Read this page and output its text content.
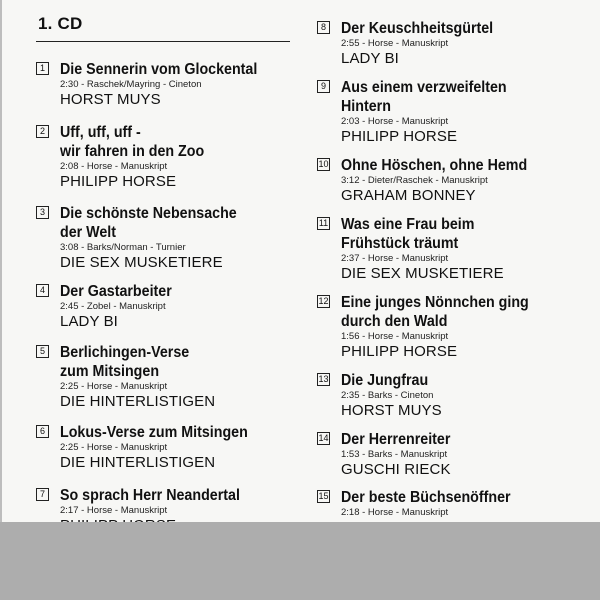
1. CD
1 Die Sennerin vom Glockental
2:30 - Raschek/Mayring - Cineton
HORST MUYS
2 Uff, uff, uff -
wir fahren in den Zoo
2:08 - Horse - Manuskript
PHILIPP HORSE
3 Die schönste Nebensache
der Welt
3:08 - Barks/Norman - Turnier
DIE SEX MUSKETIERE
4 Der Gastarbeiter
2:45 - Zobel - Manuskript
LADY BI
5 Berlichingen-Verse
zum Mitsingen
2:25 - Horse - Manuskript
DIE HINTERLISTIGEN
6 Lokus-Verse zum Mitsingen
2:25 - Horse - Manuskript
DIE HINTERLISTIGEN
7 So sprach Herr Neandertal
2:17 - Horse - Manuskript
8 Der Keuschheitsgürtel
2:55 - Horse - Manuskript
LADY BI
9 Aus einem verzweifelten
Hintern
2:03 - Horse - Manuskript
PHILIPP HORSE
10 Ohne Höschen, ohne Hemd
3:12 - Dieter/Raschek - Manuskript
GRAHAM BONNEY
11 Was eine Frau beim
Frühstück träumt
2:37 - Horse - Manuskript
DIE SEX MUSKETIERE
12 Eine junges Nönnchen ging
durch den Wald
1:56 - Horse - Manuskript
PHILIPP HORSE
13 Die Jungfrau
2:35 - Barks - Cineton
HORST MUYS
14 Der Herrenreiter
1:53 - Barks - Manuskript
GUSCHI RIECK
15 Der beste Büchsenöffner
2:18 - Horse - Manuskript
